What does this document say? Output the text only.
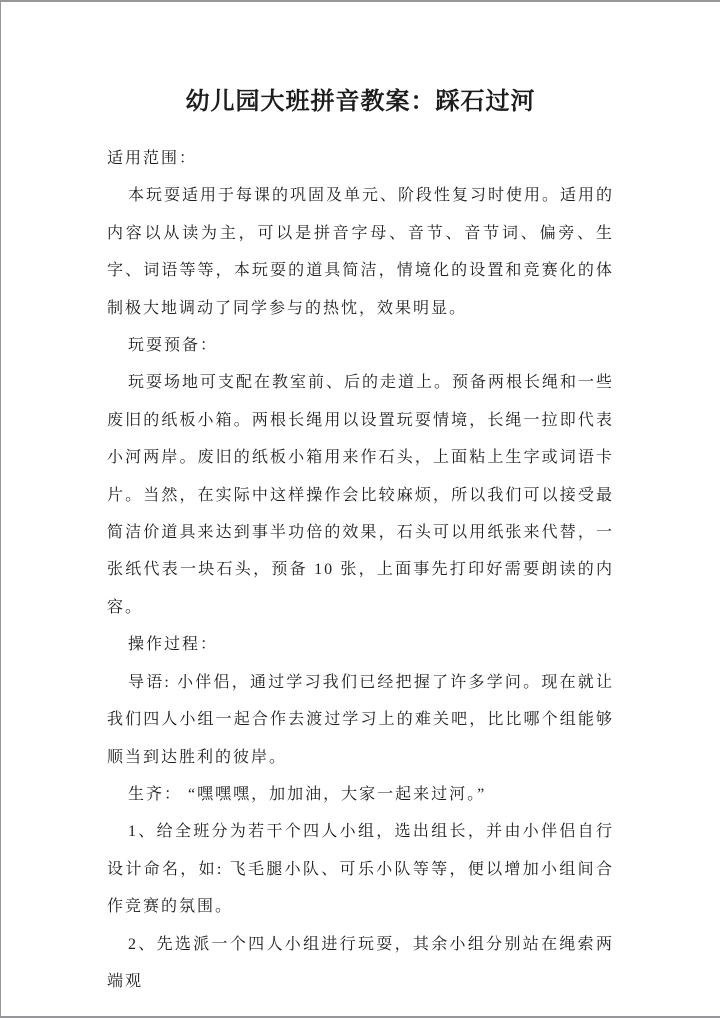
幼儿园大班拼音教案：踩石过河

适用范围：

本玩耍适用于每课的巩固及单元、阶段性复习时使用。适用的内容以从读为主，可以是拼音字母、音节、音节词、偏旁、生字、词语等等，本玩耍的道具简洁，情境化的设置和竞赛化的体制极大地调动了同学参与的热忱，效果明显。

玩耍预备：

玩耍场地可支配在教室前、后的走道上。预备两根长绳和一些废旧的纸板小箱。两根长绳用以设置玩耍情境，长绳一拉即代表小河两岸。废旧的纸板小箱用来作石头，上面粘上生字或词语卡片。当然，在实际中这样操作会比较麻烦，所以我们可以接受最简洁价道具来达到事半功倍的效果，石头可以用纸张来代替，一张纸代表一块石头，预备 10 张，上面事先打印好需要朗读的内容。

操作过程：

导语: 小伴侣，通过学习我们已经把握了许多学问。现在就让我们四人小组一起合作去渡过学习上的难关吧，比比哪个组能够顺当到达胜利的彼岸。

生齐： “嘿嘿嘿，加加油，大家一起来过河。”

1、给全班分为若干个四人小组，选出组长，并由小伴侣自行设计命名，如: 飞毛腿小队、可乐小队等等，便以增加小组间合作竞赛的氛围。

2、先选派一个四人小组进行玩耍，其余小组分别站在绳索两端观
